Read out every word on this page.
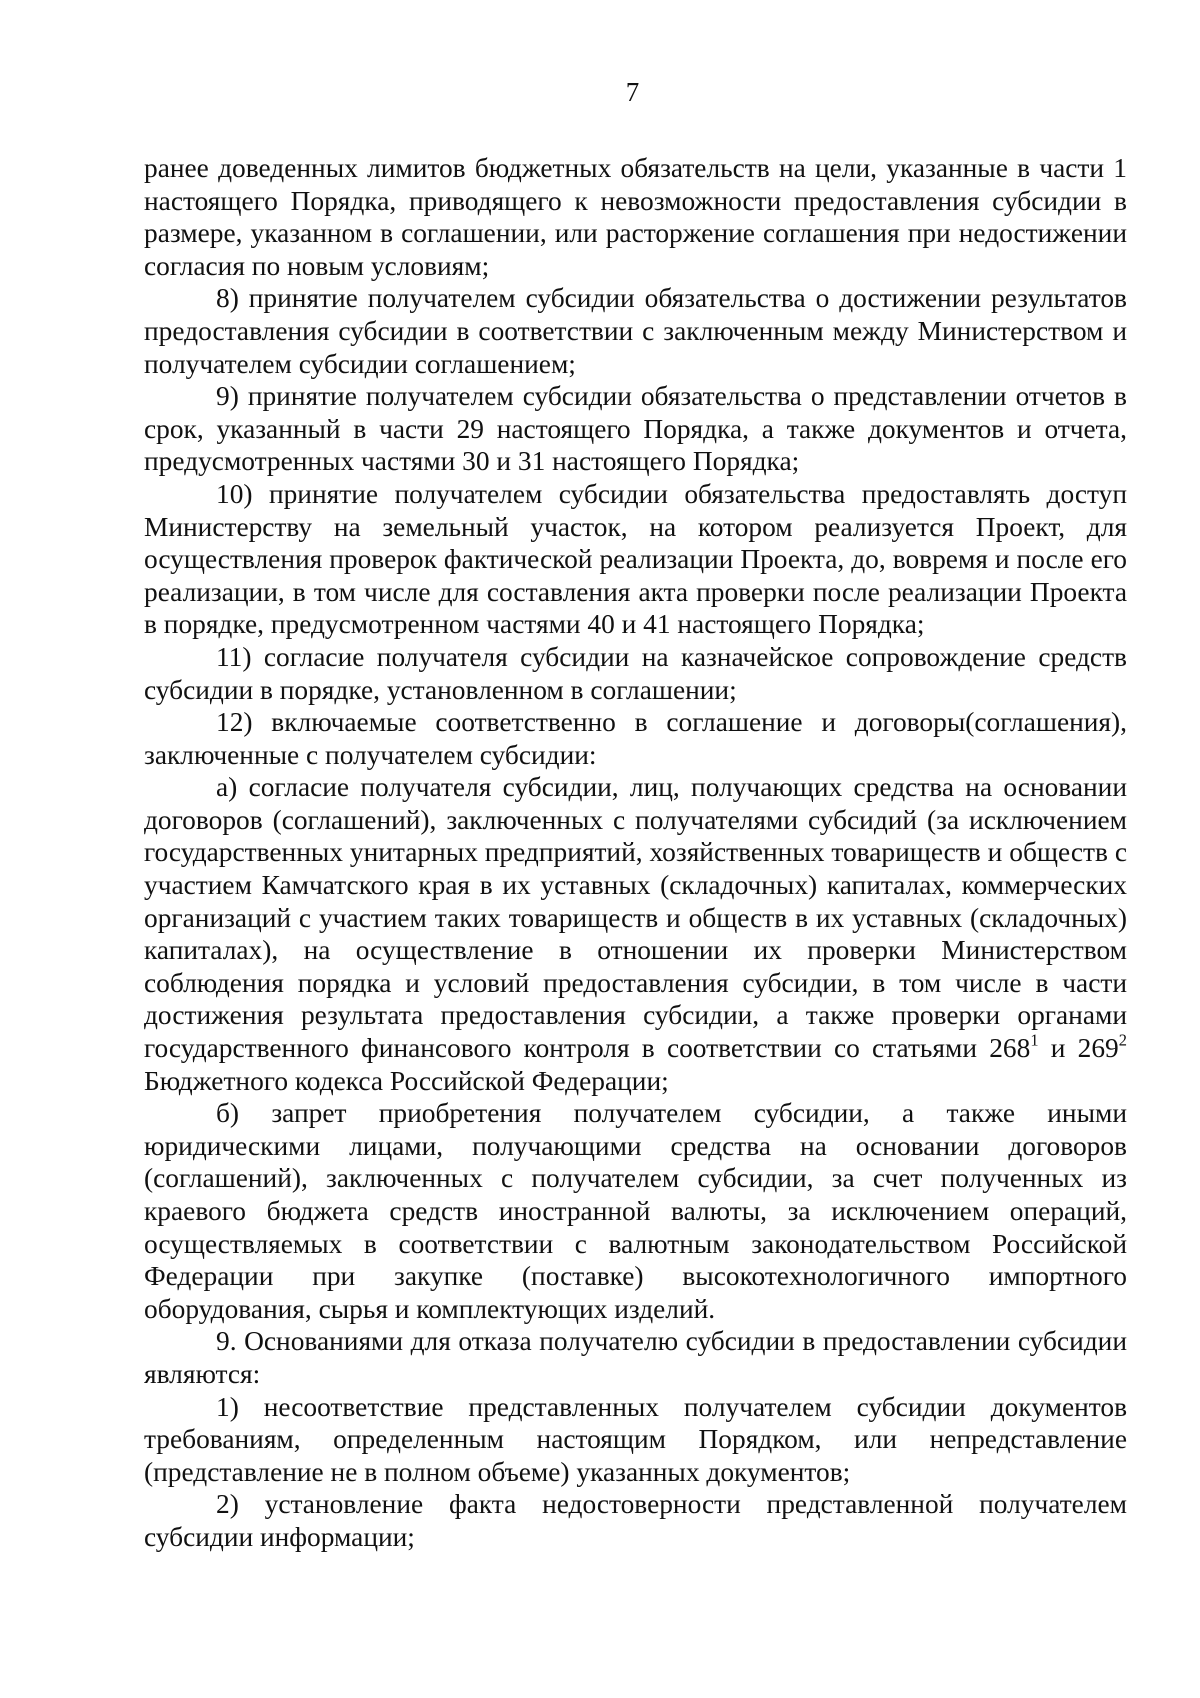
7

ранее доведенных лимитов бюджетных обязательств на цели, указанные в части 1 настоящего Порядка, приводящего к невозможности предоставления субсидии в размере, указанном в соглашении, или расторжение соглашения при недостижении согласия по новым условиям;

8) принятие получателем субсидии обязательства о достижении результатов предоставления субсидии в соответствии с заключенным между Министерством и получателем субсидии соглашением;

9) принятие получателем субсидии обязательства о представлении отчетов в срок, указанный в части 29 настоящего Порядка, а также документов и отчета, предусмотренных частями 30 и 31 настоящего Порядка;

10) принятие получателем субсидии обязательства предоставлять доступ Министерству на земельный участок, на котором реализуется Проект, для осуществления проверок фактической реализации Проекта, до, вовремя и после его реализации, в том числе для составления акта проверки после реализации Проекта в порядке, предусмотренном частями 40 и 41 настоящего Порядка;

11) согласие получателя субсидии на казначейское сопровождение средств субсидии в порядке, установленном в соглашении;

12) включаемые соответственно в соглашение и договоры(соглашения), заключенные с получателем субсидии:

а) согласие получателя субсидии, лиц, получающих средства на основании договоров (соглашений), заключенных с получателями субсидий (за исключением государственных унитарных предприятий, хозяйственных товариществ и обществ с участием Камчатского края в их уставных (складочных) капиталах, коммерческих организаций с участием таких товариществ и обществ в их уставных (складочных) капиталах), на осуществление в отношении их проверки Министерством соблюдения порядка и условий предоставления субсидии, в том числе в части достижения результата предоставления субсидии, а также проверки органами государственного финансового контроля в соответствии со статьями $268^1$ и $269^2$ Бюджетного кодекса Российской Федерации;

б) запрет приобретения получателем субсидии, а также иными юридическими лицами, получающими средства на основании договоров (соглашений), заключенных с получателем субсидии, за счет полученных из краевого бюджета средств иностранной валюты, за исключением операций, осуществляемых в соответствии с валютным законодательством Российской Федерации при закупке (поставке) высокотехнологичного импортного оборудования, сырья и комплектующих изделий.

9. Основаниями для отказа получателю субсидии в предоставлении субсидии являются:

1) несоответствие представленных получателем субсидии документов требованиям, определенным настоящим Порядком, или непредставление (представление не в полном объеме) указанных документов;

2) установление факта недостоверности представленной получателем субсидии информации;
